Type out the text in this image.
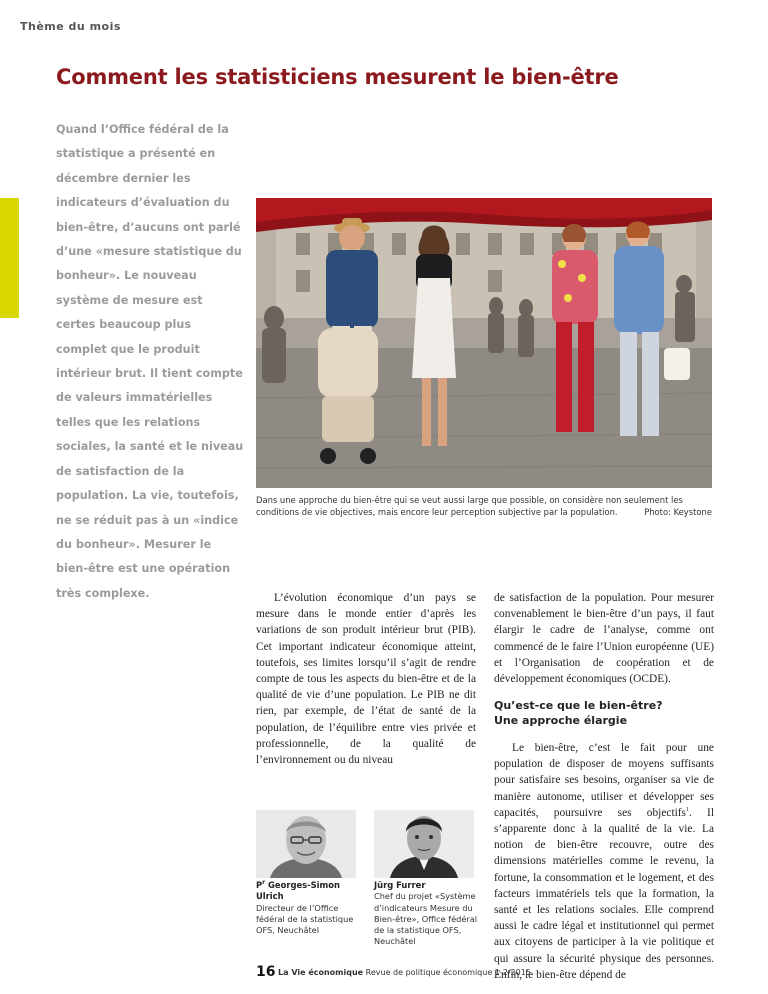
Thème du mois
Comment les statisticiens mesurent le bien-être

Quand l’Office fédéral de la statistique a présenté en décembre dernier les indicateurs d’évaluation du bien-être, d’aucuns ont parlé d’une «mesure statistique du bonheur». Le nouveau système de mesure est certes beaucoup plus complet que le produit intérieur brut. Il tient compte de valeurs immatérielles telles que les relations sociales, la santé et le niveau de satisfaction de la population. La vie, toutefois, ne se réduit pas à un «indice du bonheur». Mesurer le bien-être est une opération très complexe.

Dans une approche du bien-être qui se veut aussi large que possible, on considère non seulement les conditions de vie objectives, mais encore leur perception subjective par la population.	Photo: Keystone

L’évolution économique d’un pays se mesure dans le monde entier d’après les variations de son produit intérieur brut (PIB). Cet important indicateur économique atteint, toutefois, ses limites lorsqu’il s’agit de rendre compte de tous les aspects du bien-être et de la qualité de vie d’une population. Le PIB ne dit rien, par exemple, de l’état de santé de la population, de l’équilibre entre vies privée et professionnelle, de la qualité de l’environnement ou du niveau

de satisfaction de la population. Pour mesurer convenablement le bien-être d’un pays, il faut élargir le cadre de l’analyse, comme ont commencé de le faire l’Union européenne (UE) et l’Organisation de coopération et de développement économiques (OCDE).

Qu’est-ce que le bien-être?
Une approche élargie

Le bien-être, c’est le fait pour une population de disposer de moyens suffisants pour satisfaire ses besoins, organiser sa vie de manière autonome, utiliser et développer ses capacités, poursuivre ses objectifs$^1$. Il s’apparente donc à la qualité de la vie. La notion de bien-être recouvre, outre des dimensions matérielles comme le revenu, la fortune, la consommation et le logement, et des facteurs immatériels tels que la formation, la santé et les relations sociales. Elle comprend aussi le cadre légal et institutionnel qui permet aux citoyens de participer à la vie politique et qui assure la sécurité physique des personnes. Enfin, le bien-être dépend de

$P^r$ Georges-Simon Ulrich
Directeur de l’Office fédéral de la statistique OFS, Neuchâtel
Jürg Furrer
Chef du projet «Système d’indicateurs Mesure du Bien-être», Office fédéral de la statistique OFS, Neuchâtel
16 La Vie économique Revue de politique économique 1-2/2015
